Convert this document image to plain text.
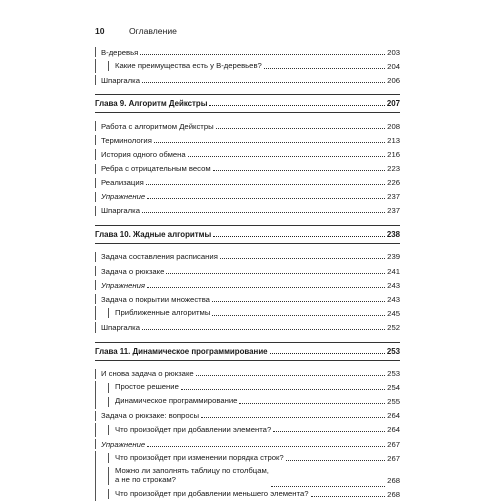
10	Оглавление
B-деревья	203
Какие преимущества есть у B-деревьев?	204
Шпаргалка	206
Глава 9. Алгоритм Дейкстры	207
Работа с алгоритмом Дейкстры	208
Терминология	213
История одного обмена	216
Ребра с отрицательным весом	223
Реализация	226
Упражнение	237
Шпаргалка	237
Глава 10. Жадные алгоритмы	238
Задача составления расписания	239
Задача о рюкзаке	241
Упражнения	243
Задача о покрытии множества	243
Приближенные алгоритмы	245
Шпаргалка	252
Глава 11. Динамическое программирование	253
И снова задача о рюкзаке	253
Простое решение	254
Динамическое программирование	255
Задача о рюкзаке: вопросы	264
Что произойдет при добавлении элемента?	264
Упражнение	267
Что произойдет при изменении порядка строк?	267
Можно ли заполнять таблицу по столбцам,
а не по строкам?	268
Что произойдет при добавлении меньшего элемента?	268
